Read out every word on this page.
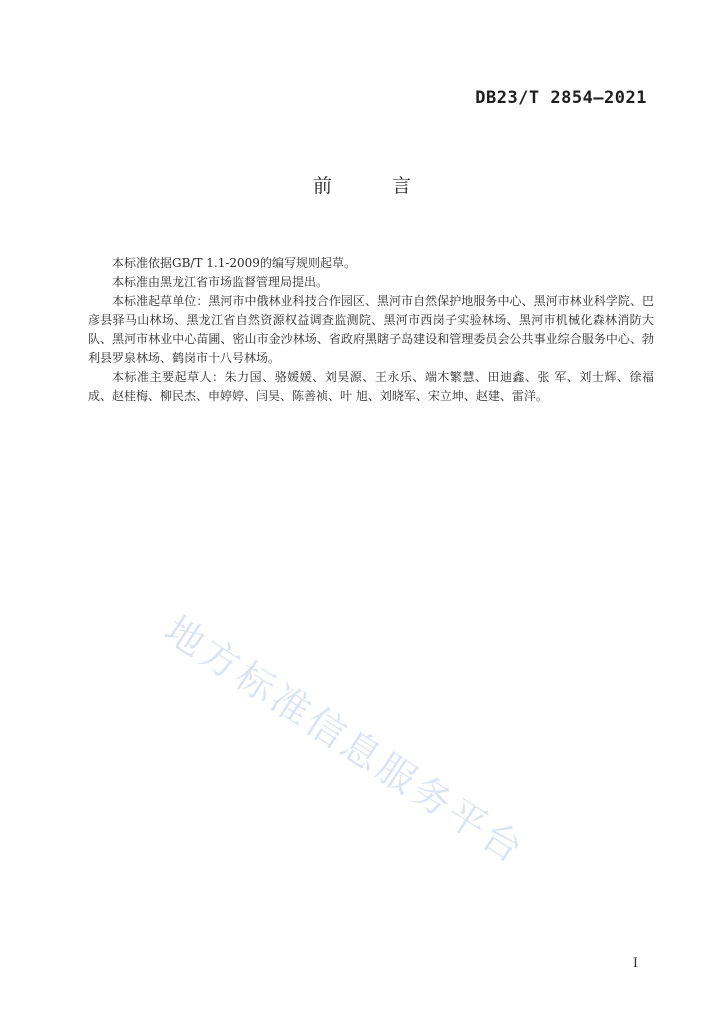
DB23/T 2854—2021
前 言

本标准依据GB/T 1.1-2009的编写规则起草。

本标准由黑龙江省市场监督管理局提出。

本标准起草单位：黑河市中俄林业科技合作园区、黑河市自然保护地服务中心、黑河市林业科学院、巴彦县驿马山林场、黑龙江省自然资源权益调查监测院、黑河市西岗子实验林场、黑河市机械化森林消防大队、黑河市林业中心苗圃、密山市金沙林场、省政府黑瞎子岛建设和管理委员会公共事业综合服务中心、勃利县罗泉林场、鹤岗市十八号林场。

本标准主要起草人：朱力国、骆媛媛、刘昊源、王永乐、端木繁慧、田迪鑫、张 军、刘士辉、徐福成、赵桂梅、柳民杰、申婷婷、闫昊、陈善祯、叶 旭、刘晓军、宋立坤、赵建、雷洋。

地方标准信息服务平台
I
